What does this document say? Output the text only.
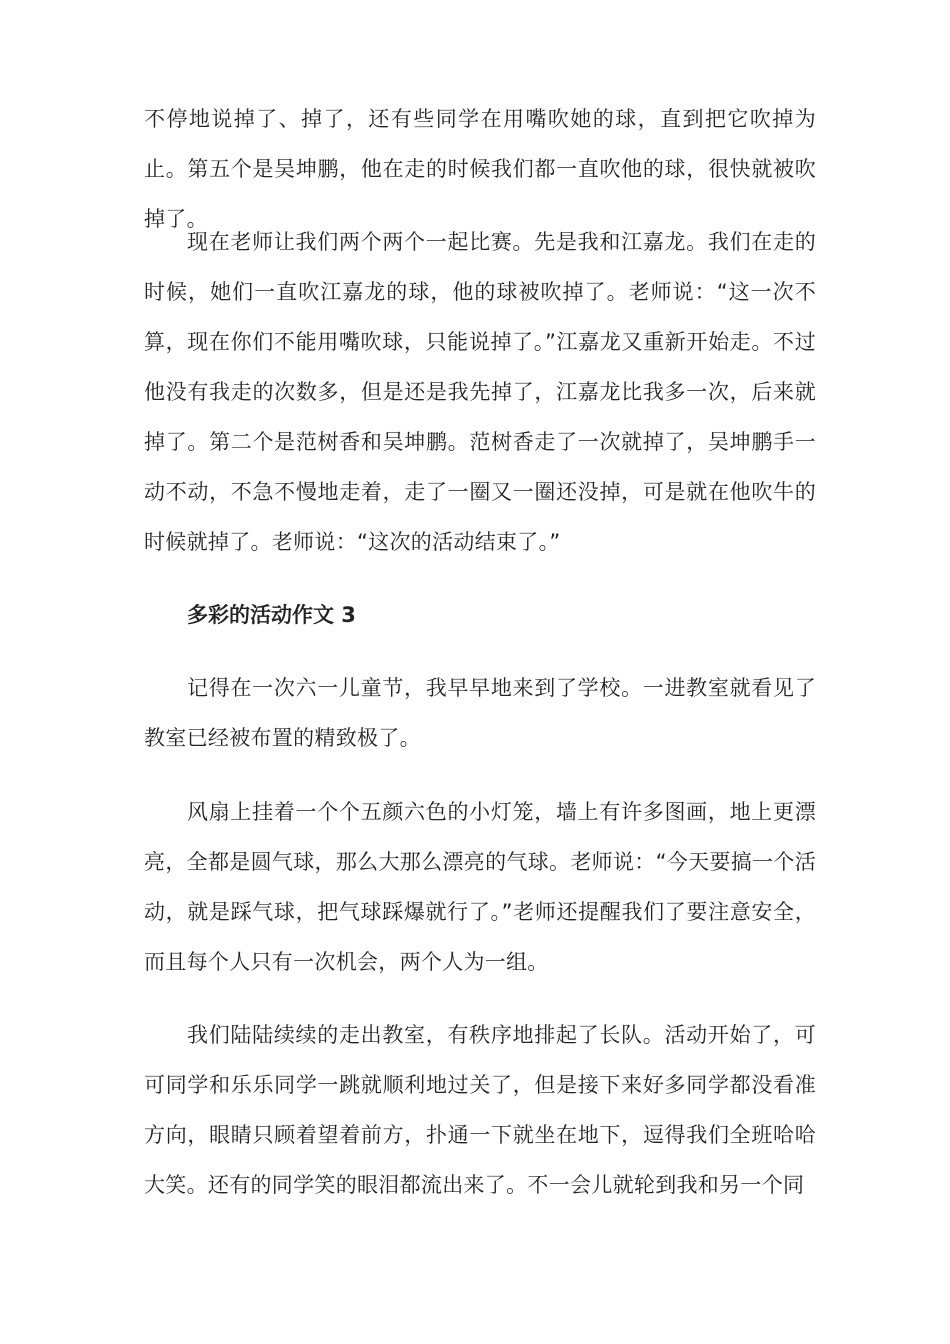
不停地说掉了、掉了，还有些同学在用嘴吹她的球，直到把它吹掉为止。第五个是吴坤鹏，他在走的时候我们都一直吹他的球，很快就被吹掉了。

现在老师让我们两个两个一起比赛。先是我和江嘉龙。我们在走的时候，她们一直吹江嘉龙的球，他的球被吹掉了。老师说：“这一次不算，现在你们不能用嘴吹球，只能说掉了。”江嘉龙又重新开始走。不过他没有我走的次数多，但是还是我先掉了，江嘉龙比我多一次，后来就掉了。第二个是范树香和吴坤鹏。范树香走了一次就掉了，吴坤鹏手一动不动，不急不慢地走着，走了一圈又一圈还没掉，可是就在他吹牛的时候就掉了。老师说：“这次的活动结束了。”

多彩的活动作文 3

记得在一次六一儿童节，我早早地来到了学校。一进教室就看见了教室已经被布置的精致极了。

风扇上挂着一个个五颜六色的小灯笼，墙上有许多图画，地上更漂亮，全都是圆气球，那么大那么漂亮的气球。老师说：“今天要搞一个活动，就是踩气球，把气球踩爆就行了。”老师还提醒我们了要注意安全，而且每个人只有一次机会，两个人为一组。

我们陆陆续续的走出教室，有秩序地排起了长队。活动开始了，可可同学和乐乐同学一跳就顺利地过关了，但是接下来好多同学都没看准方向，眼睛只顾着望着前方，扑通一下就坐在地下，逗得我们全班哈哈大笑。还有的同学笑的眼泪都流出来了。不一会儿就轮到我和另一个同
